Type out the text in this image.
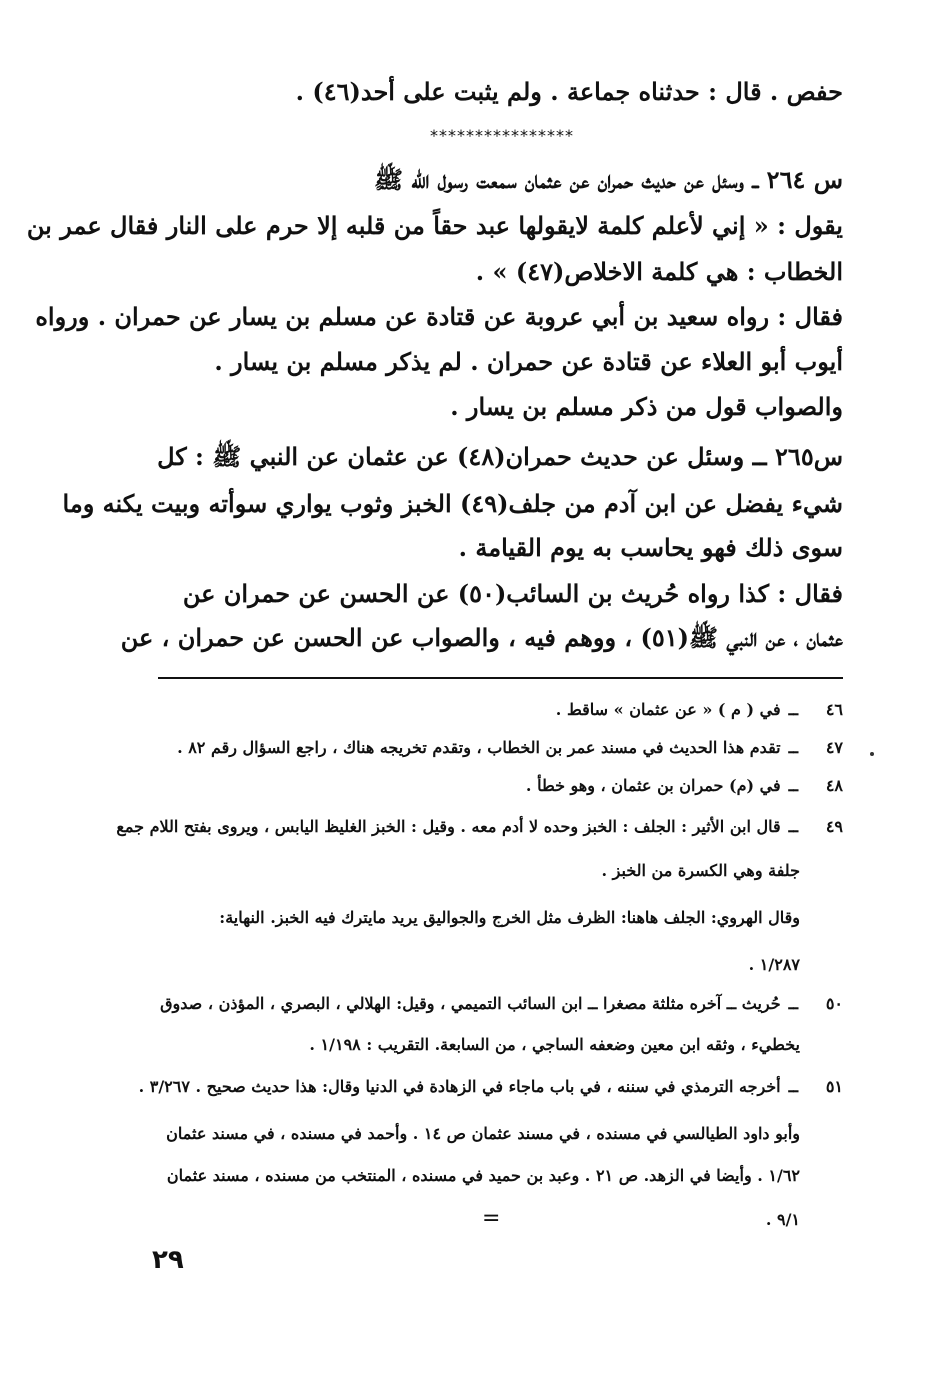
حفص . قال : حدثناه جماعة . ولم يثبت على أحد(٤٦) .
س ٢٦٤ ــ وسئل عن حديث حمران عن عثمان سمعت رسول الله ﷺ
يقول : « إني لأعلم كلمة لايقولها عبد حقاً من قلبه إلا حرم على النار فقال عمر بن
الخطاب : هي كلمة الاخلاص(٤٧) » .
فقال : رواه سعيد بن أبي عروبة عن قتادة عن مسلم بن يسار عن حمران . ورواه
أيوب أبو العلاء عن قتادة عن حمران . لم يذكر مسلم بن يسار .
والصواب قول من ذكر مسلم بن يسار .
س٢٦٥ ــ وسئل عن حديث حمران(٤٨) عن عثمان عن النبي ﷺ : كل
شيء يفضل عن ابن آدم من جلف(٤٩) الخبز وثوب يواري سوأته وبيت يكنه وما
سوى ذلك فهو يحاسب به يوم القيامة .
فقال : كذا رواه حُريث بن السائب(٥٠) عن الحسن عن حمران عن
عثمان ، عن النبي ﷺ(٥١) ، ووهم فيه ، والصواب عن الحسن عن حمران ، عن
****************
٤٦ــفي ( م ) « عن عثمان » ساقط .
٤٧ــتقدم هذا الحديث في مسند عمر بن الخطاب ، وتقدم تخريجه هناك ، راجع السؤال رقم ٨٢ .
٤٨ــفي (م) حمران بن عثمان ، وهو خطأ .
٤٩ــقال ابن الأثير : الجلف : الخبز وحده لا أدم معه . وقيل : الخبز الغليظ اليابس ، ويروى بفتح اللام جمع
جلفة وهي الكسرة من الخبز .
وقال الهروي: الجلف هاهنا: الظرف مثل الخرج والجواليق يريد مايترك فيه الخبز. النهاية:
١/٢٨٧ .
٥٠ــحُريث ــ آخره مثلثة مصغرا ــ ابن السائب التميمي ، وقيل: الهلالي ، البصري ، المؤذن ، صدوق
يخطيء ، وثقه ابن معين وضعفه الساجي ، من السابعة. التقريب : ١/١٩٨ .
٥١ــأخرجه الترمذي في سننه ، في باب ماجاء في الزهادة في الدنيا وقال: هذا حديث صحيح . ٣/٢٦٧ .
وأبو داود الطيالسي في مسنده ، في مسند عثمان ص ١٤ . وأحمد في مسنده ، في مسند عثمان
١/٦٢ . وأيضا في الزهد. ص ٢١ . وعبد بن حميد في مسنده ، المنتخب من مسنده ، مسند عثمان
٩/١ .
=
٢٩
